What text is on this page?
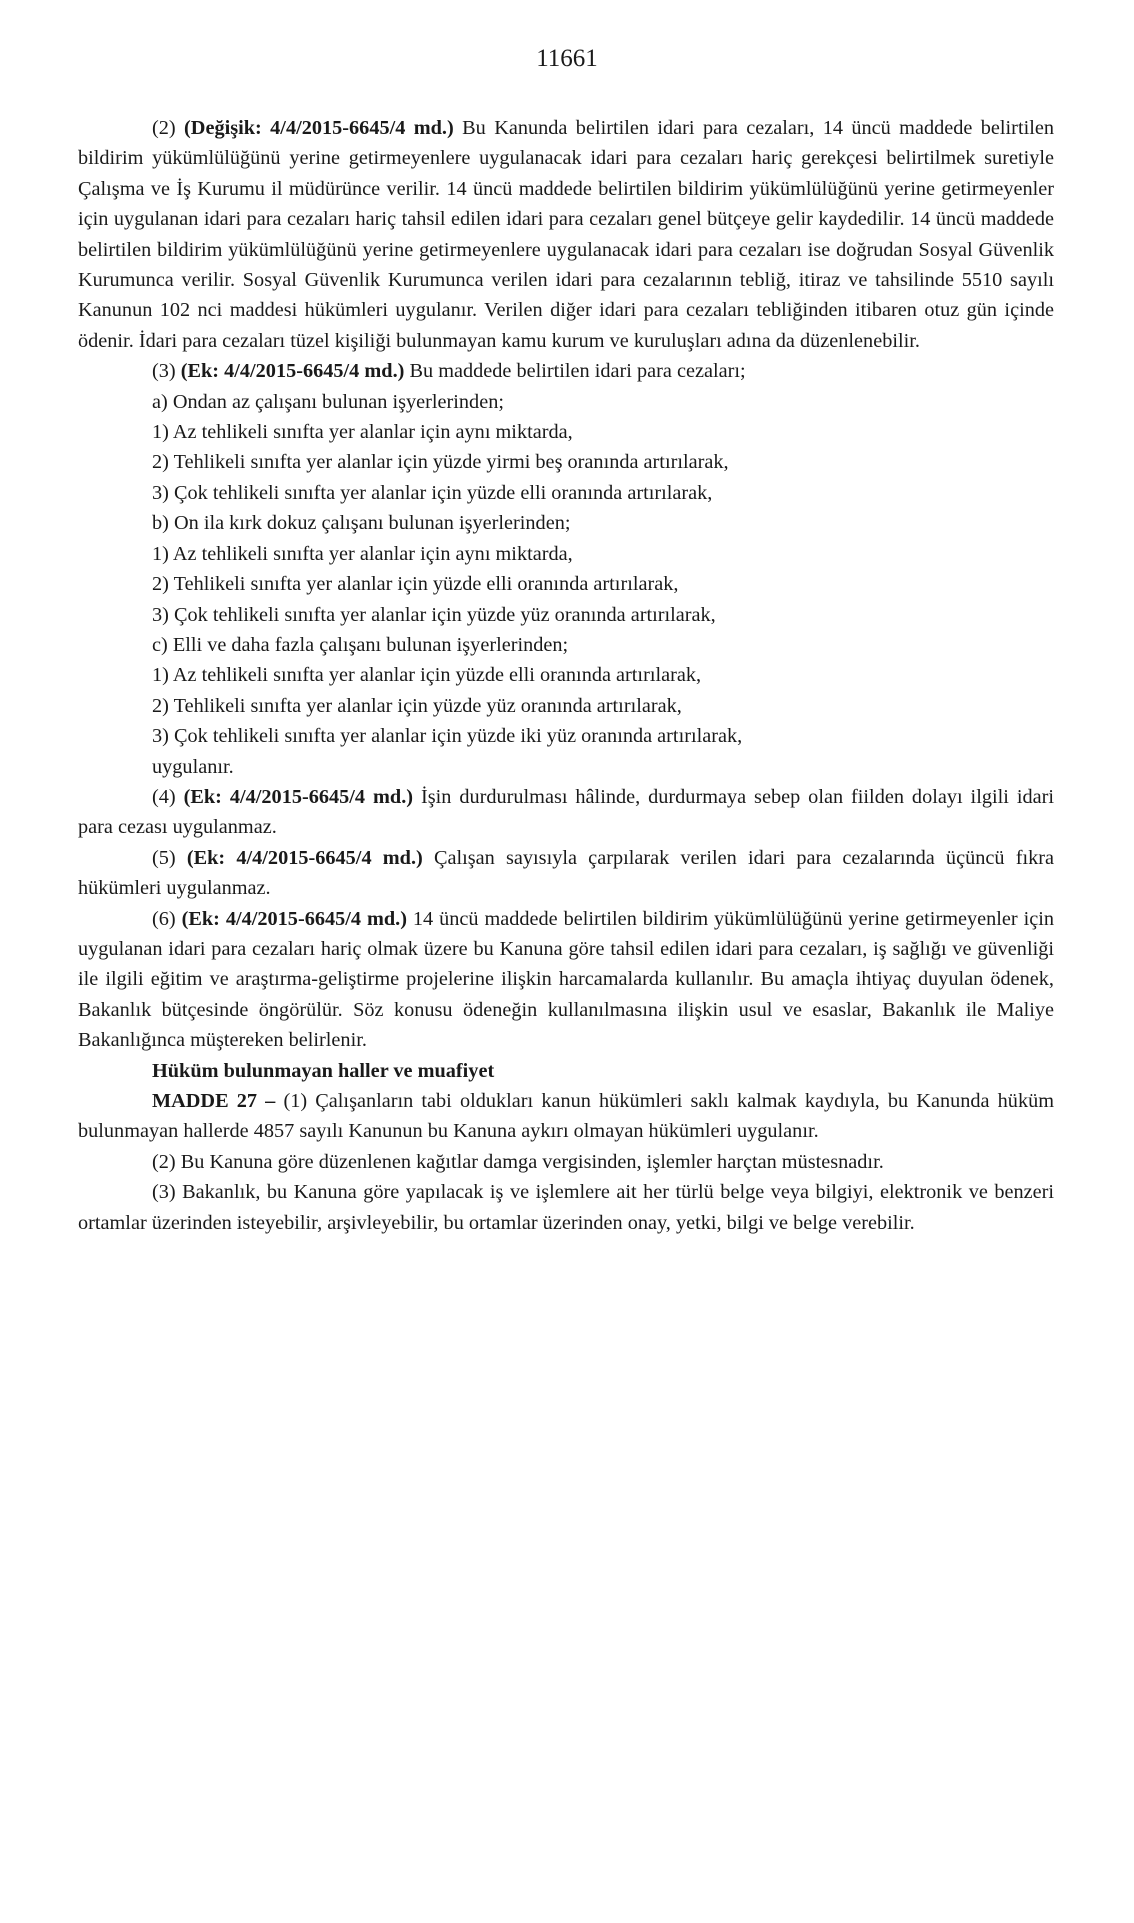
11661

(2) (Değişik: 4/4/2015-6645/4 md.) Bu Kanunda belirtilen idari para cezaları, 14 üncü maddede belirtilen bildirim yükümlülüğünü yerine getirmeyenlere uygulanacak idari para cezaları hariç gerekçesi belirtilmek suretiyle Çalışma ve İş Kurumu il müdürünce verilir. 14 üncü maddede belirtilen bildirim yükümlülüğünü yerine getirmeyenler için uygulanan idari para cezaları hariç tahsil edilen idari para cezaları genel bütçeye gelir kaydedilir. 14 üncü maddede belirtilen bildirim yükümlülüğünü yerine getirmeyenlere uygulanacak idari para cezaları ise doğrudan Sosyal Güvenlik Kurumunca verilir. Sosyal Güvenlik Kurumunca verilen idari para cezalarının tebliğ, itiraz ve tahsilinde 5510 sayılı Kanunun 102 nci maddesi hükümleri uygulanır. Verilen diğer idari para cezaları tebliğinden itibaren otuz gün içinde ödenir. İdari para cezaları tüzel kişiliği bulunmayan kamu kurum ve kuruluşları adına da düzenlenebilir.

(3) (Ek: 4/4/2015-6645/4 md.) Bu maddede belirtilen idari para cezaları;

a) Ondan az çalışanı bulunan işyerlerinden;
1) Az tehlikeli sınıfta yer alanlar için aynı miktarda,
2) Tehlikeli sınıfta yer alanlar için yüzde yirmi beş oranında artırılarak,
3) Çok tehlikeli sınıfta yer alanlar için yüzde elli oranında artırılarak,
b) On ila kırk dokuz çalışanı bulunan işyerlerinden;
1) Az tehlikeli sınıfta yer alanlar için aynı miktarda,
2) Tehlikeli sınıfta yer alanlar için yüzde elli oranında artırılarak,
3) Çok tehlikeli sınıfta yer alanlar için yüzde yüz oranında artırılarak,
c) Elli ve daha fazla çalışanı bulunan işyerlerinden;
1) Az tehlikeli sınıfta yer alanlar için yüzde elli oranında artırılarak,
2) Tehlikeli sınıfta yer alanlar için yüzde yüz oranında artırılarak,
3) Çok tehlikeli sınıfta yer alanlar için yüzde iki yüz oranında artırılarak,
uygulanır.

(4) (Ek: 4/4/2015-6645/4 md.) İşin durdurulması hâlinde, durdurmaya sebep olan fiilden dolayı ilgili idari para cezası uygulanmaz.

(5) (Ek: 4/4/2015-6645/4 md.) Çalışan sayısıyla çarpılarak verilen idari para cezalarında üçüncü fıkra hükümleri uygulanmaz.

(6) (Ek: 4/4/2015-6645/4 md.) 14 üncü maddede belirtilen bildirim yükümlülüğünü yerine getirmeyenler için uygulanan idari para cezaları hariç olmak üzere bu Kanuna göre tahsil edilen idari para cezaları, iş sağlığı ve güvenliği ile ilgili eğitim ve araştırma-geliştirme projelerine ilişkin harcamalarda kullanılır. Bu amaçla ihtiyaç duyulan ödenek, Bakanlık bütçesinde öngörülür. Söz konusu ödeneğin kullanılmasına ilişkin usul ve esaslar, Bakanlık ile Maliye Bakanlığınca müştereken belirlenir.

Hüküm bulunmayan haller ve muafiyet

MADDE 27 – (1) Çalışanların tabi oldukları kanun hükümleri saklı kalmak kaydıyla, bu Kanunda hüküm bulunmayan hallerde 4857 sayılı Kanunun bu Kanuna aykırı olmayan hükümleri uygulanır.

(2) Bu Kanuna göre düzenlenen kağıtlar damga vergisinden, işlemler harçtan müstesnadır.

(3) Bakanlık, bu Kanuna göre yapılacak iş ve işlemlere ait her türlü belge veya bilgiyi, elektronik ve benzeri ortamlar üzerinden isteyebilir, arşivleyebilir, bu ortamlar üzerinden onay, yetki, bilgi ve belge verebilir.
